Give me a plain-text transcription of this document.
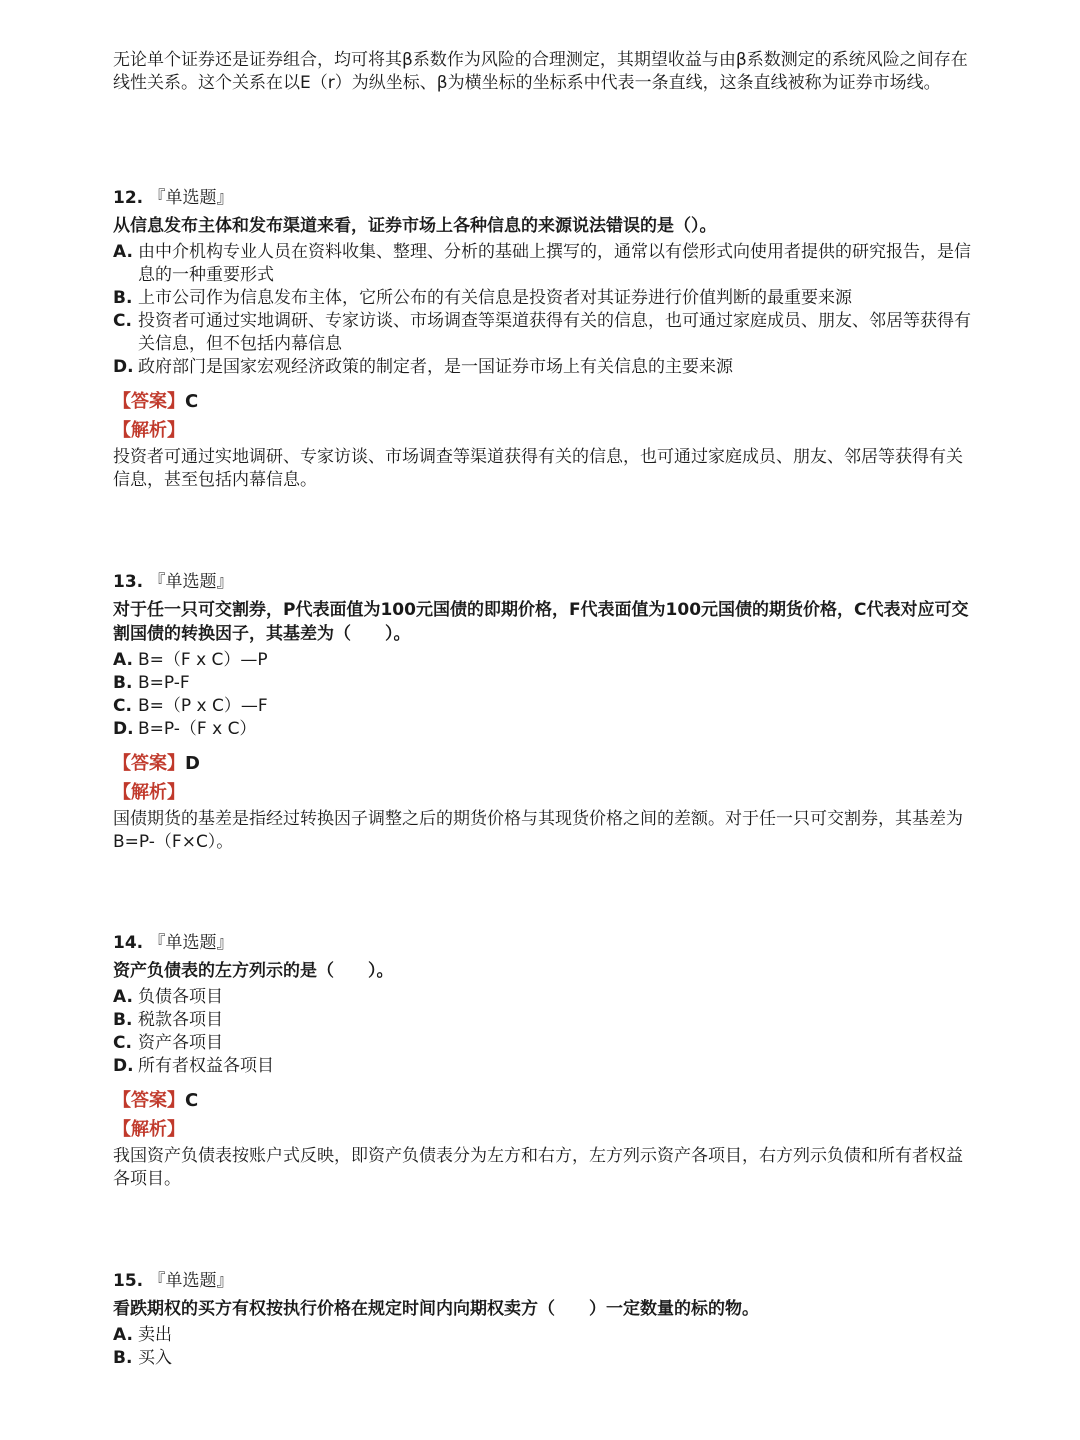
无论单个证券还是证券组合，均可将其β系数作为风险的合理测定，其期望收益与由β系数测定的系统风险之间存在线性关系。这个关系在以E（r）为纵坐标、β为横坐标的坐标系中代表一条直线，这条直线被称为证券市场线。

12. 『单选题』

从信息发布主体和发布渠道来看，证券市场上各种信息的来源说法错误的是（）。

A. 由中介机构专业人员在资料收集、整理、分析的基础上撰写的，通常以有偿形式向使用者提供的研究报告，是信息的一种重要形式
B. 上市公司作为信息发布主体，它所公布的有关信息是投资者对其证券进行价值判断的最重要来源
C. 投资者可通过实地调研、专家访谈、市场调查等渠道获得有关的信息，也可通过家庭成员、朋友、邻居等获得有关信息，但不包括内幕信息
D. 政府部门是国家宏观经济政策的制定者，是一国证券市场上有关信息的主要来源

【答案】C

【解析】

投资者可通过实地调研、专家访谈、市场调查等渠道获得有关的信息，也可通过家庭成员、朋友、邻居等获得有关信息，甚至包括内幕信息。

13. 『单选题』

对于任一只可交割券，P代表面值为100元国债的即期价格，F代表面值为100元国债的期货价格，C代表对应可交割国债的转换因子，其基差为（　　）。

A. B=（F x C）—P
B. B=P-F
C. B=（P x C）—F
D. B=P-（F x C）

【答案】D

【解析】

国债期货的基差是指经过转换因子调整之后的期货价格与其现货价格之间的差额。对于任一只可交割券，其基差为B=P-（F×C）。

14. 『单选题』

资产负债表的左方列示的是（　　）。

A. 负债各项目
B. 税款各项目
C. 资产各项目
D. 所有者权益各项目

【答案】C

【解析】

我国资产负债表按账户式反映，即资产负债表分为左方和右方，左方列示资产各项目，右方列示负债和所有者权益各项目。

15. 『单选题』

看跌期权的买方有权按执行价格在规定时间内向期权卖方（　　）一定数量的标的物。

A. 卖出
B. 买入
